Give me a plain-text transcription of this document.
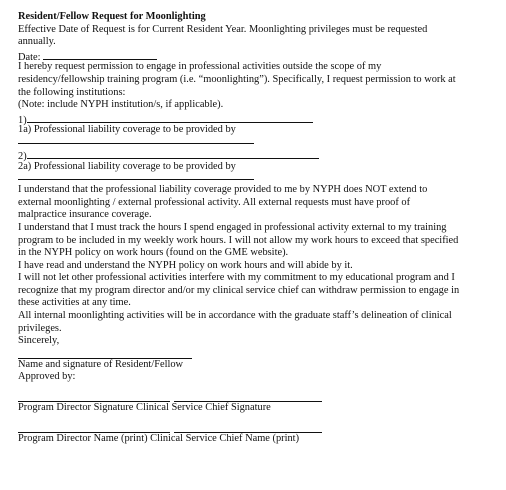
Resident/Fellow Request for Moonlighting
Effective Date of Request is for Current Resident Year. Moonlighting privileges must be requested
annually.
Date:
I hereby request permission to engage in professional activities outside the scope of my
residency/fellowship training program (i.e. “moonlighting”). Specifically, I request permission to work at
the following institutions:
(Note: include NYPH institution/s, if applicable).
1)
1a) Professional liability coverage to be provided by
2)
2a) Professional liability coverage to be provided by
I understand that the professional liability coverage provided to me by NYPH does NOT extend to
external moonlighting / external professional activity. All external requests must have proof of
malpractice insurance coverage.
I understand that I must track the hours I spend engaged in professional activity external to my training
program to be included in my weekly work hours. I will not allow my work hours to exceed that specified
in the NYPH policy on work hours (found on the GME website).
I have read and understand the NYPH policy on work hours and will abide by it.
I will not let other professional activities interfere with my commitment to my educational program and I
recognize that my program director and/or my clinical service chief can withdraw permission to engage in
these activities at any time.
All internal moonlighting activities will be in accordance with the graduate staff’s delineation of clinical
privileges.
Sincerely,
Name and signature of Resident/Fellow
Approved by:

Program Director Signature Clinical Service Chief Signature

Program Director Name (print) Clinical Service Chief Name (print)
